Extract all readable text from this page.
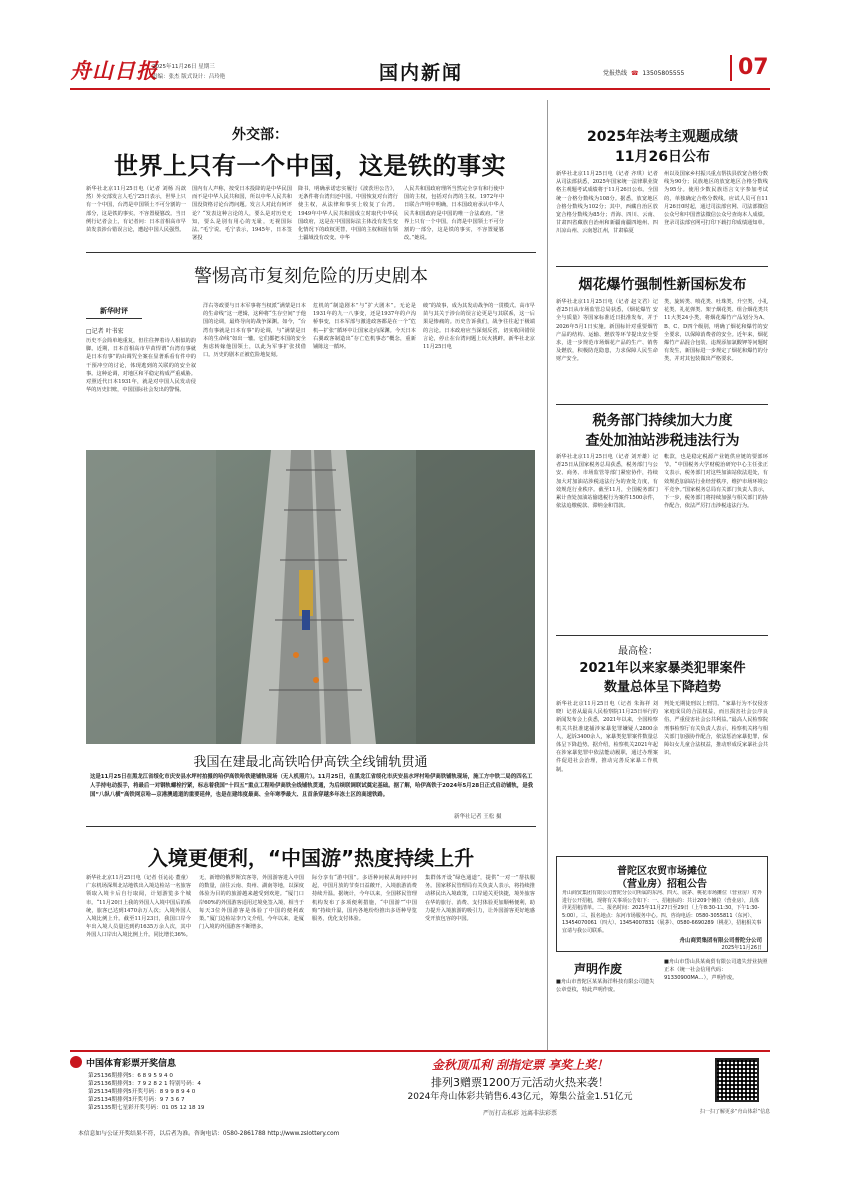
舟山日报
2025年11月26日 星期三
责编：张杰 版式设计：吕玲艳	国内新闻	党报热线 ☎ 13505805555 07
外交部：
世界上只有一个中国，这是铁的事实
新华社北京11月25日电（记者 刘杨 冯歆然）外交部发言人毛宁25日表示，世界上只有一个中国，台湾是中国领土不可分割的一部分，这是铁的事实。不容置疑篡改。当日例行记者会上，有记者问：日本首相高市早苗发表涉台错误言论，遭起中国人民强烈。
国内有人声称，按受日本投降的是中华民国而不是中华人民共和国，所以中华人民共和国没资格讨论台湾问题。发言人对此有何评论？“发表这种言论的人，要么是对历史无知，要么是别有用心的无耻，无视国际法。”毛宁说。毛宁表示，1945年，日本签署投
降书，明确承诺忠实履行《波茨坦公告》，无条件将台湾归还中国。中国恢复对台湾行使主权，从法律和事实上收复了台湾。1949年中华人民共和国成立时取代中华民国政府，这是在中国国际法主体没有发生变化情况下的政权更替，中国的主权和固有领土疆域没有改变。中华
人民共和国政府理所当然完全享有和行使中国的主权，包括对台湾的主权。1972年中日联合声明中明确，日本国政府承认中华人民共和国政府是中国的唯一合法政府。“世界上只有一个中国，台湾是中国领土不可分割的一部分，这是铁的事实，不容置疑篡改。”她说。
警惕高市复刻危险的历史剧本
新华时评
□记者 叶书宏
历史不会简单地重复，但往往押着诗人相似的韵脚。近期，日本首相高市早苗悍谓“台湾有事就是日本有事”的由调咒全案在显著系看有件中的干预冲空的讨论，体现逃到的关联的的安全叙事。这种论调，对地区和平稳定构成严重威胁。对照近代日本1931年，就是对中国人民发动侵华的历史旧账，中国国际社会发出的警惕。
洋右等政要与日本军事将当权派“满蒙是日本的生命线”这一逻辑，这种将“生存空间”于他国的论调，最终导向的战争深渊。如今，“台湾有事就是日本有事”的论调，与“满蒙是日本的生命线”如出一辙。它们都把本国的安全焦虑转嫁他国领土，以此为军事扩张找借口。历史的剧本正被危险地复刻。
危机的“制造剧本”与“扩大剧本”。无论是1931年的九一八事变，还是1937年的卢沟桥事变，日本军部与激进政客都是在一个“危机—扩张”循环中让国家走向深渊。今天日本右翼政客制造出“存亡危机事态”概念，重新铺陈这一循环。
破”的故事，成为其发动战争的一贯模式。高市早苗与其关于涉台的误言论更是与其联系，这一后果是惨痛的。历史告诉我们，战争往往起于极端的言论。日本政府应当深刻反省，切实收回错误言论，停止在台湾问题上玩火挑衅。新华社北京11月25日电
我国在建最北高铁哈伊高铁全线铺轨贯通
这是11月25日在黑龙江省绥化市庆安县水坪村拍摄的哈伊高铁哈铁建铺轨现场（无人机照片）。11月25日，在黑龙江省绥化市庆安县水坪村哈伊高铁铺轨现场，施工方中铁二局的四名工人手持电动扳手，将最后一对钢轨螺栓拧紧，标志着我国“十四五”重点工程哈伊高铁全线铺轨贯通，为后续联调联试奠定基础。据了解，哈伊高铁于2024年5月28日正式启动铺轨，是我国“八纵八横”高铁网京哈—京港澳通道的重要延伸，也是在建纬度最高、全年寒季最大、且首条穿越多年冻土区的高速铁路。
新华社记者 王松 摄
入境更便利，“中国游”热度持续上升
新华社北京11月25日电（记者 任沁沁 董童）广东机场深圳北站地铁出入境边检站一名旅客领取入境卡后自行取阅，计划游览多个城市。“11月20日上我的外国人入境中国后的系统，旅客已达到1470余万人次；入境外国人入境比例上升。截至11月23日，我国口岸今年出入境人员量达到约1635万余人次，其中外国人口岸出入境比例上升。同比增长36%。
无，新增的俄罗斯宾客等，外国游客进入中国的数量，前往云南、贵州、湖南等地，以深度体验为目的的旅游越来越受到欢迎。“厦门口岸60%的外国游客适用过境免签入境，相当于每天3位外国游客是体验了中国的便利政策。”厦门边检站李乃文介绍，今年以来，赴厦门入境的外国游客不断增多。
际分享有“游中国”。多语种问候从询问中问起，中国月放的节奏日益敞开，入境旅游消费持续升温。据统计，今年以来，全国移民管理机构发布了多项便利措施，“中国游”“中国购”持续升温，国内各地纷纷推出多语种导览服务，优化支付体验。
集群体开设“绿色通道”，提供“一对一”帮扶服务。国家移民管理局有关负责人表示，将持续推动移民出入境政策，口岸通关更快捷，境外旅客在华的旅行、消费、支付体验更加顺畅便利，助力提升入境旅游的吸引力，让外国游客更好地感受开放包容的中国。
2025年法考主观题成绩
11月26日公布
新华社北京11月25日电（记者 齐琪）记者从司法部获悉，2025年国家统一法律职业资格主观题考试成绩将于11月26日公布。全国统一合格分数线为108分。据悉，放宽地区合格分数线为102分；其中，西藏自治区放宽合格分数线为85分；青海、四川、云南、甘肃四省藏族自治州和新疆南疆四地州、四川凉山州、云南怒江州，甘肃临夏
州以及国家乡村振兴重点帮扶县放宽合格分数线为90分；民族地区的放宽地区合格分数线为95分。使用少数民族语言文字参加考试的，单独确定合格分数线。应试人员可自11月26日0时起，通过司法部官网、司法部微信公众号和中国普法微信公众号查询本人成绩。登录司法部官网可打印下载打印成绩通知单。
烟花爆竹强制性新国标发布
新华社北京11月25日电（记者 赵文君）记者25日从市场监管总局获悉，《烟花爆竹 安全与质量》等国家标准近日批准发布，并于2026年5月1日实施。新国标针对重要烟竹产品的结构、运输、燃放等环节提出安全要求，进一步规范市场烟花产品的生产、销售及燃放，积极防范隐患，力求保障人民生命财产安全。
类，旋转类、喷花类、吐珠类、升空类、小礼花类、礼花弹类、架子烟花类、组合烟花类共11大类24小类，将烟花爆竹产品划分为A、B、C、D四个级别，明确了烟花和爆竹的安全要求，以保障消费者的安全。近年来，烟花爆竹产品混合包装、违规添加氯酸钾等问题时有发生，新国标进一步规定了烟花和爆竹的分类，并对其包装做出严格要求。
税务部门持续加大力度
查处加油站涉税违法行为
新华社北京11月25日电（记者 刘开雄）记者25日从国家税务总局获悉，税务部门与公安、商务、市场监管等部门紧密协作，持续加大对加油站涉税违法行为的查处力度，有效规范行业秩序。截至11月，全国税务部门累计查处加油站偷逃税行为案件1500余件，依法追缴税款、滞纳金和罚款。
帐款，也是稳定税源产业链供应链的要部环节。“中国税务大学财税治研究中心主任张正文表示，税务部门对这些加油站依法进处，有效规范加油站行业经营秩序，维护市场环境公平竞争。”国家税务总局有关部门负责人表示，下一步，税务部门将持续加强与相关部门的协作配合，依法严厉打击涉税违法行为。
最高检：
2021年以来家暴类犯罪案件
数量总体呈下降趋势
新华社北京11月25日电（记者 朱海祥 刘晓）记者从最高人民检察院11月25日举行的新闻发布会上获悉，2021年以来，全国检察机关共批准逮捕涉家暴犯罪嫌疑人2800余人，起诉3400余人，家暴类犯罪案件数量总体呈下降趋势。据介绍，检察机关2021年起在涉家暴犯罪中依法能动履职，通过办理案件促进社会治理，推动完善反家暴工作机制。
判处无期徒刑以上刑罚。“家暴行为不仅侵害家庭成员的合法权益，而且损害社会公序良俗，严重侵害社会公共利益。”最高人民检察院刑事检察厅有关负责人表示，检察机关将与相关部门加强协作配合，依法惩治家暴犯罪，保障妇女儿童合法权益，推动形成反家暴社会共识。
普陀区农贸市场摊位
（营业房）招租公告
舟山商贸集团有限公司普陀分公司所属的东河、四大、展茅、桃花市场摊位（营业房）对外进行公开招租，现将有关事项公告如下：一、招租标的：共计209个摊位（营业房），具体详见招租清单。二、报名时间：2025年11月27日至29日（上午8:30-11:30，下午1:30-5:00）。三、报名地点：东河市场服务中心。四、咨询电话：0580-3055811（东河）、13454070061（四大）、13454007831（展茅）、0580-6690289（桃花），招租相关事宜请与我公司联系。
舟山商贸集团有限公司普陀分公司
2025年11月26日
声明作废
■舟山市普陀区某某海洋科技有限公司遗失公章壹枚，特此声明作废。
■舟山市岱山县某商贸有限公司遗失营业执照正本（统一社会信用代码：91330900MA…），声明作废。
中国体育彩票开奖信息
第25136期排列5：6 8 9 5 9 4 0
第25136期排列3：7 9 2 8 2 1 特别号码：4
第25134期排列5开奖号码：8 9 9 8 9 4 0
第25134期排列3开奖号码：9 7 3 6 7
第25135期七星彩开奖号码：01 05 12 18 19
金秋顶瓜利 刮指定票 享奖上奖！
排列3赠票1200万元活动火热来袭！
2024年舟山体彩共销售6.43亿元，筹集公益金1.51亿元
严厉打击私彩 远离非法彩票	扫一扫了解更多“舟山体彩”信息
本信息如与公证开奖结果不符，以后者为准。咨询电话：0580-2861788 http://www.zslottery.com
